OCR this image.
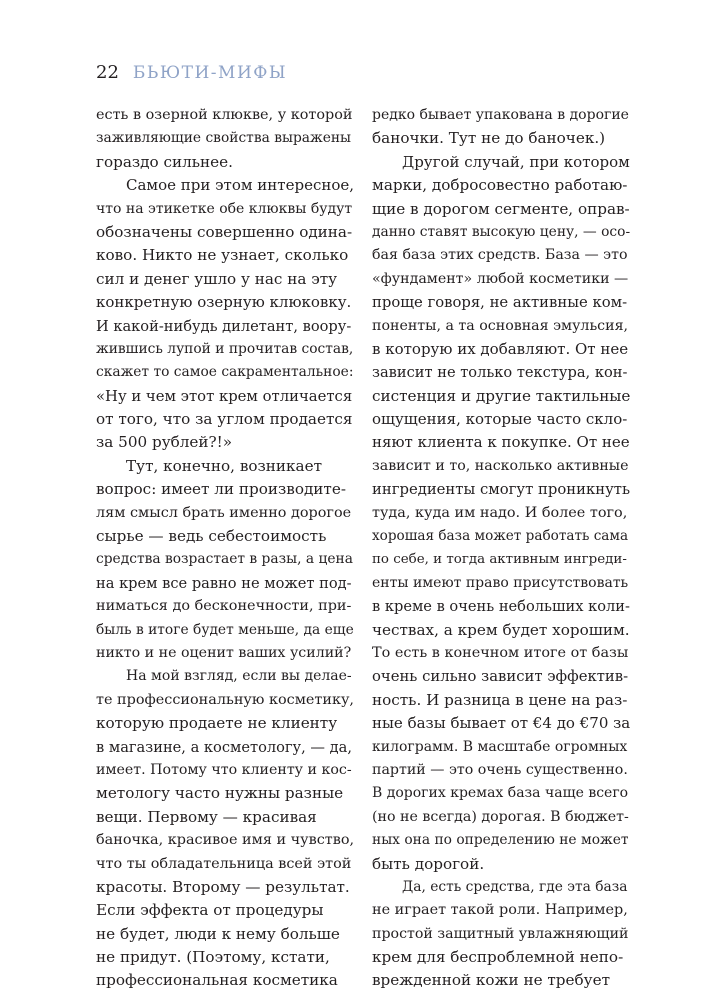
22 БЬЮТИ-МИФЫ
есть в озерной клюкве, у которой
заживляющие свойства выражены
гораздо сильнее.
Самое при этом интересное,
что на этикетке обе клюквы будут
обозначены совершенно одина-
ково. Никто не узнает, сколько
сил и денег ушло у нас на эту
конкретную озерную клюковку.
И какой-нибудь дилетант, вооpу-
жившись лупой и прочитав состав,
скажет то самое сакраментальное:
«Ну и чем этот крем отличается
от того, что за углом продается
за 500 рублей?!»
Тут, конечно, возникает
вопрос: имеет ли производите-
лям смысл брать именно дорогое
сырье — ведь себестоимость
средства возрастает в разы, а цена
на крем все равно не может под-
ниматься до бесконечности, при-
быль в итоге будет меньше, да еще
никто и не оценит ваших усилий?
На мой взгляд, если вы делае-
те профессиональную косметику,
которую продаете не клиенту
в магазине, а косметологу, — да,
имеет. Потому что клиенту и кос-
метологу часто нужны разные
вещи. Первому — красивая
баночка, красивое имя и чувство,
что ты обладательница всей этой
красоты. Второму — результат.
Если эффекта от процедуры
не будет, люди к нему больше
не придут. (Поэтому, кстати,
профессиональная косметика
редко бывает упакована в дорогие
баночки. Тут не до баночек.)
Другой случай, при котором
марки, добросовестно работаю-
щие в дорогом сегменте, оправ-
данно ставят высокую цену, — осо-
бая база этих средств. База — это
«фундамент» любой косметики —
проще говоря, не активные ком-
поненты, а та основная эмульсия,
в которую их добавляют. От нее
зависит не только текстура, кон-
систенция и другие тактильные
ощущения, которые часто скло-
няют клиента к покупке. От нее
зависит и то, насколько активные
ингредиенты смогут проникнуть
туда, куда им надо. И более того,
хорошая база может работать сама
по себе, и тогда активным ингреди-
енты имеют право присутствовать
в креме в очень небольших коли-
чествах, а крем будет хорошим.
То есть в конечном итоге от базы
очень сильно зависит эффектив-
ность. И разница в цене на раз-
ные базы бывает от €4 до €70 за
килограмм. В масштабе огромных
партий — это очень существенно.
В дорогих кремах база чаще всего
(но не всегда) дорогая. В бюджет-
ных она по определению не может
быть дорогой.
Да, есть средства, где эта база
не играет такой роли. Например,
простой защитный увлажняющий
крем для беспроблемной непо-
врежденной кожи не требует
